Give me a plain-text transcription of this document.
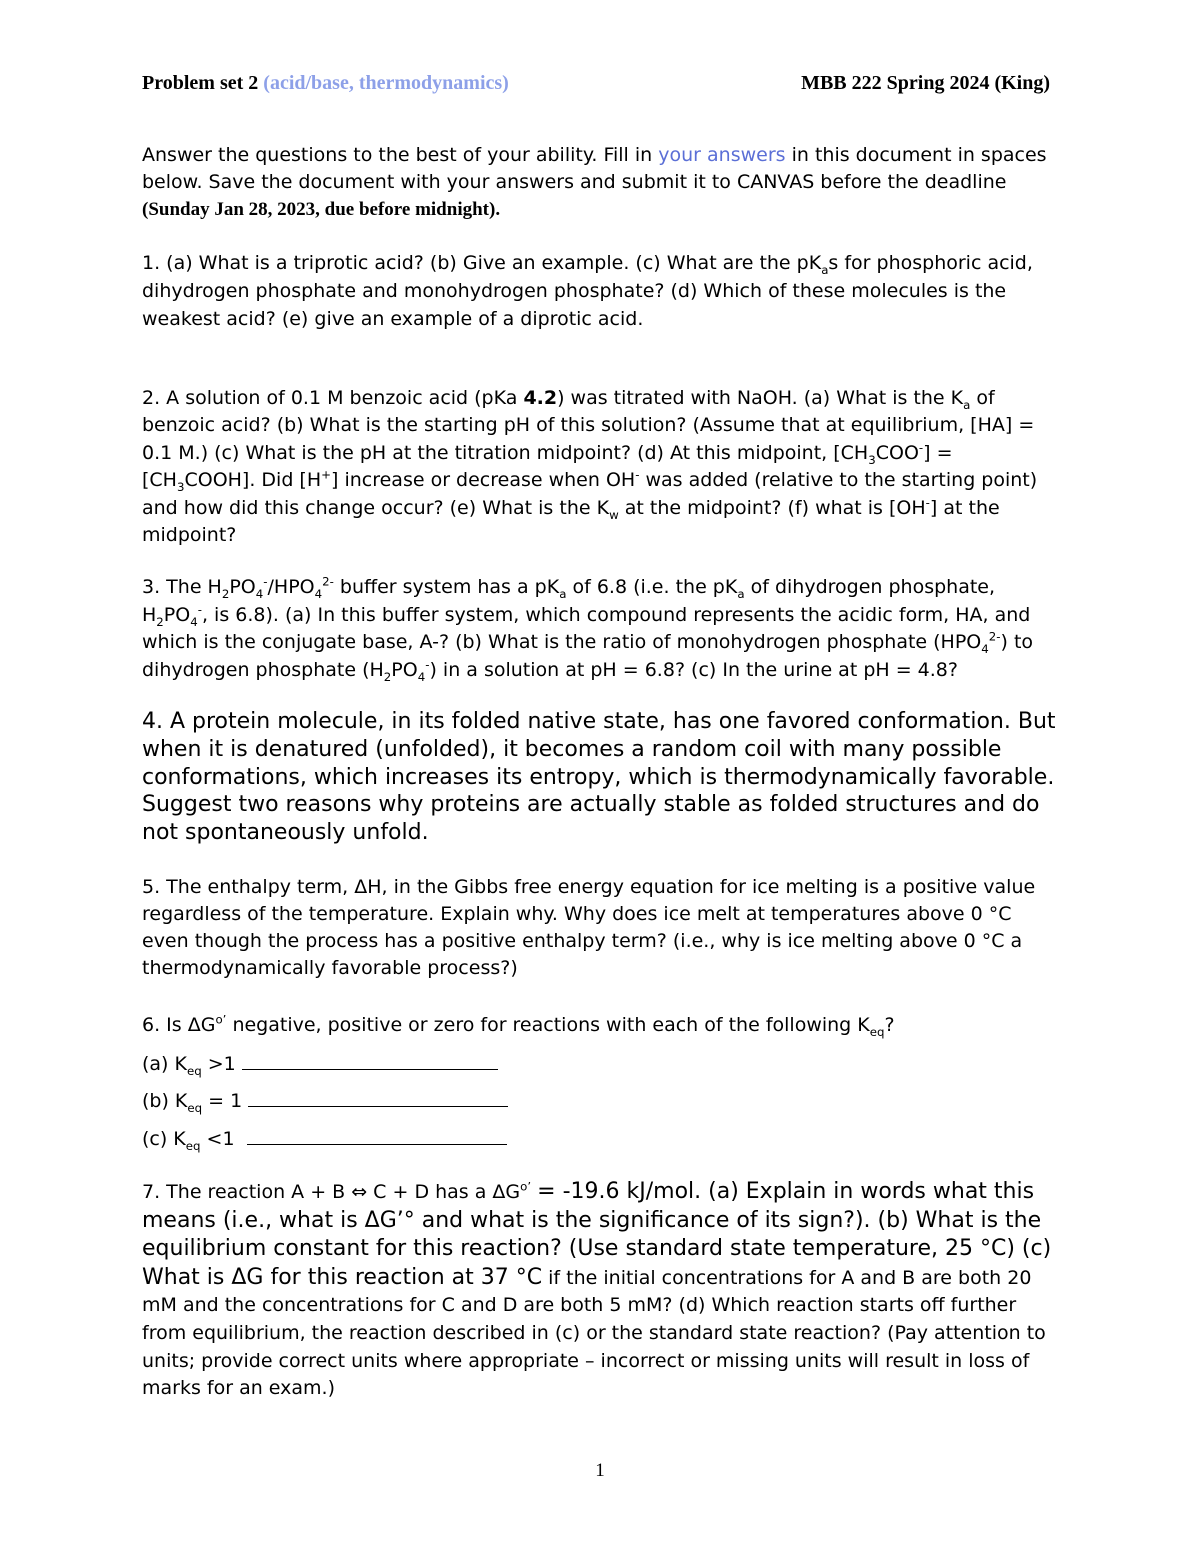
Problem set 2 (acid/base, thermodynamics)	MBB 222 Spring 2024 (King)
Answer the questions to the best of your ability. Fill in your answers in this document in spaces below. Save the document with your answers and submit it to CANVAS before the deadline
(Sunday Jan 28, 2023, due before midnight).
1. (a) What is a triprotic acid? (b) Give an example. (c) What are the $pK_as$ for phosphoric acid, dihydrogen phosphate and monohydrogen phosphate? (d) Which of these molecules is the weakest acid? (e) give an example of a diprotic acid.
2. A solution of 0.1 M benzoic acid (pKa 4.2) was titrated with NaOH. (a) What is the $K_a$ of benzoic acid? (b) What is the starting pH of this solution? (Assume that at equilibrium, [HA] = 0.1 M.) (c) What is the pH at the titration midpoint? (d) At this midpoint, $[CH_3COO^-]$ = $[CH_3COOH]$. Did [H+] increase or decrease when OH- was added (relative to the starting point) and how did this change occur? (e) What is the $K_w$ at the midpoint? (f) what is [OH-] at the midpoint?
3. The $H_2PO_4^-/HPO_4^{2-}$ buffer system has a $pK_a$ of 6.8 (i.e. the $pK_a$ of dihydrogen phosphate, $H_2PO_4^-$, is 6.8). (a) In this buffer system, which compound represents the acidic form, HA, and which is the conjugate base, A-? (b) What is the ratio of monohydrogen phosphate $(HPO_4^{2-})$ to dihydrogen phosphate $(H_2PO_4^-)$ in a solution at pH = 6.8? (c) In the urine at pH = 4.8?
4. A protein molecule, in its folded native state, has one favored conformation. But when it is denatured (unfolded), it becomes a random coil with many possible conformations, which increases its entropy, which is thermodynamically favorable. Suggest two reasons why proteins are actually stable as folded structures and do not spontaneously unfold.
5. The enthalpy term, ΔH, in the Gibbs free energy equation for ice melting is a positive value regardless of the temperature. Explain why. Why does ice melt at temperatures above 0 °C even though the process has a positive enthalpy term? (i.e., why is ice melting above 0 °C a thermodynamically favorable process?)
6. Is $\Delta G^{o’}$ negative, positive or zero for reactions with each of the following $K_{eq}$?
(a) $K_{eq} >1$
(b) $K_{eq} = 1$
(c) $K_{eq} <1$
7. The reaction A + B ⇔ C + D has a $\Delta G^{o’} = -19.6$ kJ/mol. (a) Explain in words what this means (i.e., what is ΔG’° and what is the significance of its sign?). (b) What is the equilibrium constant for this reaction? (Use standard state temperature, 25 °C) (c) What is ΔG for this reaction at 37 °C if the initial concentrations for A and B are both 20 mM and the concentrations for C and D are both 5 mM? (d) Which reaction starts off further from equilibrium, the reaction described in (c) or the standard state reaction? (Pay attention to units; provide correct units where appropriate – incorrect or missing units will result in loss of marks for an exam.)
1
